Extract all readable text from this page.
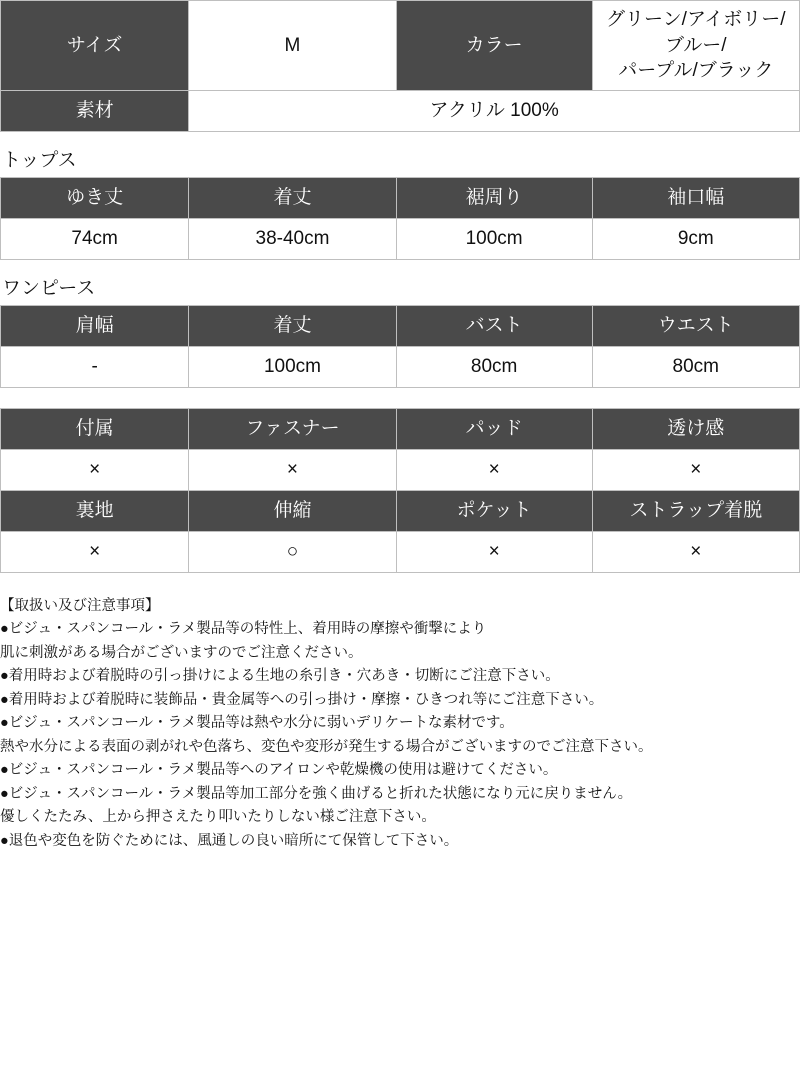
サイズ	M	カラー	グリーン/アイボリー/ブルー/
パープル/ブラック
素材	アクリル 100%		
トップス
ゆき丈	着丈	裾周り	袖口幅
74cm	38-40cm	100cm	9cm
ワンピース
肩幅	着丈	バスト	ウエスト
-	100cm	80cm	80cm
付属	ファスナー	パッド	透け感
×	×	×	×
裏地	伸縮	ポケット	ストラップ着脱
×	○	×	×

【取扱い及び注意事項】

●ビジュ・スパンコール・ラメ製品等の特性上、着用時の摩擦や衝撃により

肌に刺激がある場合がございますのでご注意ください。

●着用時および着脱時の引っ掛けによる生地の糸引き・穴あき・切断にご注意下さい。

●着用時および着脱時に装飾品・貴金属等への引っ掛け・摩擦・ひきつれ等にご注意下さい。

●ビジュ・スパンコール・ラメ製品等は熱や水分に弱いデリケートな素材です。

熱や水分による表面の剥がれや色落ち、変色や変形が発生する場合がございますのでご注意下さい。

●ビジュ・スパンコール・ラメ製品等へのアイロンや乾燥機の使用は避けてください。

●ビジュ・スパンコール・ラメ製品等加工部分を強く曲げると折れた状態になり元に戻りません。

優しくたたみ、上から押さえたり叩いたりしない様ご注意下さい。

●退色や変色を防ぐためには、風通しの良い暗所にて保管して下さい。
